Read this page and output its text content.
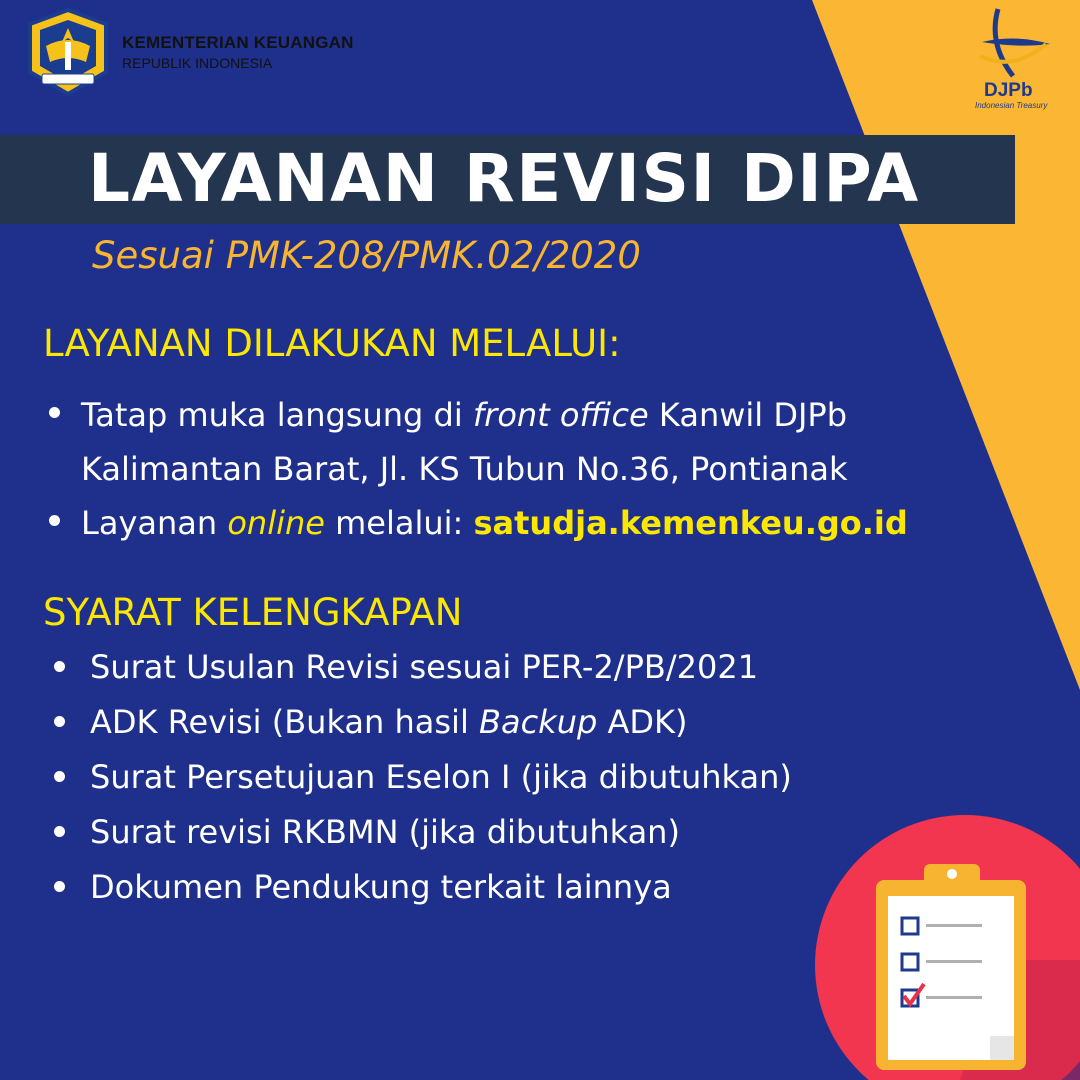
KEMENTERIAN KEUANGAN
REPUBLIK INDONESIA
DJPb
Indonesian Treasury
LAYANAN REVISI DIPA
Sesuai PMK-208/PMK.02/2020
LAYANAN DILAKUKAN MELALUI:
Tatap muka langsung di front office Kanwil DJPb
Kalimantan Barat, Jl. KS Tubun No.36, Pontianak
Layanan online melalui: satudja.kemenkeu.go.id
SYARAT KELENGKAPAN
Surat Usulan Revisi sesuai PER-2/PB/2021
ADK Revisi (Bukan hasil Backup ADK)
Surat Persetujuan Eselon I (jika dibutuhkan)
Surat revisi RKBMN (jika dibutuhkan)
Dokumen Pendukung terkait lainnya
